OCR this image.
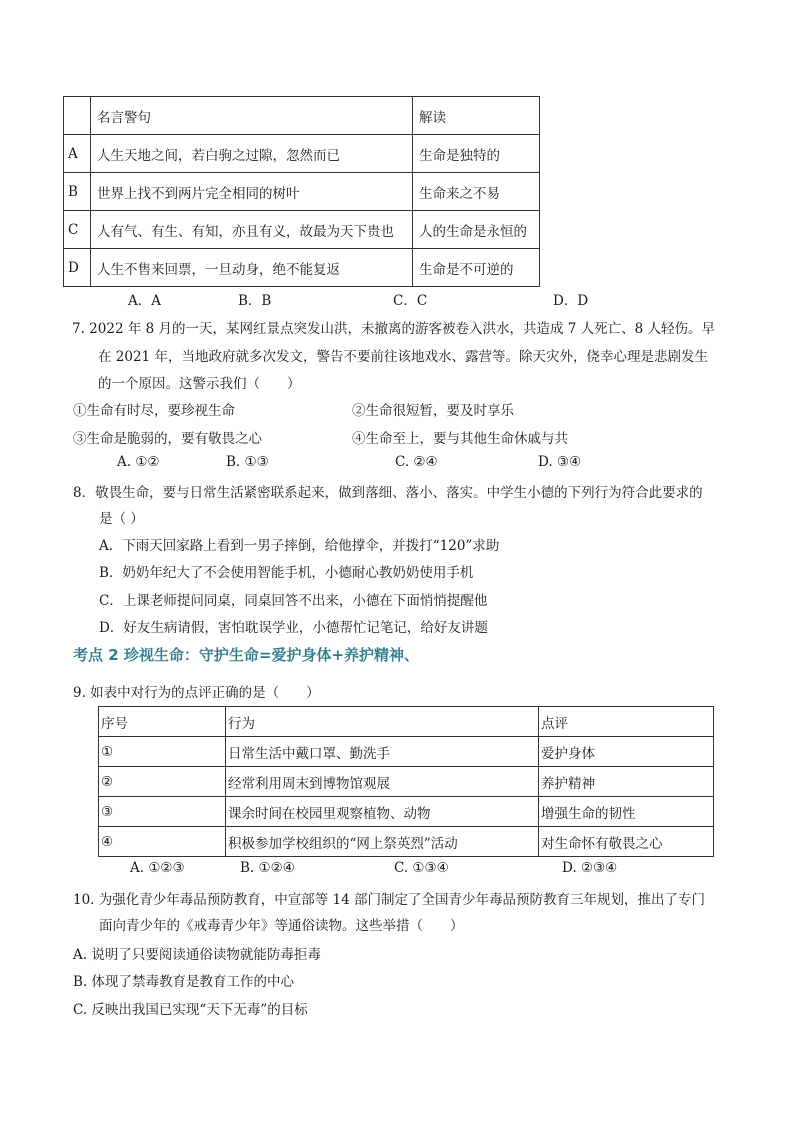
	名言警句	解读
A	人生天地之间，若白驹之过隙，忽然而已	生命是独特的
B	世界上找不到两片完全相同的树叶	生命来之不易
C	人有气、有生、有知，亦且有义，故最为天下贵也	人的生命是永恒的
D	人生不售来回票，一旦动身，绝不能复返	生命是不可逆的
A．A	B．B	C．C	D．D
7. 2022 年 8 月的一天，某网红景点突发山洪，未撤离的游客被卷入洪水，共造成 7 人死亡、8 人轻伤。早
在 2021 年，当地政府就多次发文，警告不要前往该地戏水、露营等。除天灾外，侥幸心理是悲剧发生
的一个原因。这警示我们（　　）
①生命有时尽，要珍视生命	②生命很短暂，要及时享乐
③生命是脆弱的，要有敬畏之心	④生命至上，要与其他生命休戚与共
A. ①②	B. ①③	C. ②④	D. ③④
8．敬畏生命，要与日常生活紧密联系起来，做到落细、落小、落实。中学生小德的下列行为符合此要求的
是（ ）
A．下雨天回家路上看到一男子摔倒，给他撑伞，并拨打“120”求助
B．奶奶年纪大了不会使用智能手机，小德耐心教奶奶使用手机
C．上课老师提问同桌，同桌回答不出来，小德在下面悄悄提醒他
D．好友生病请假，害怕耽误学业，小德帮忙记笔记，给好友讲题
考点 2 珍视生命：守护生命=爱护身体+养护精神、
9. 如表中对行为的点评正确的是（　　）
序号	行为	点评
①	日常生活中戴口罩、勤洗手	爱护身体
②	经常利用周末到博物馆观展	养护精神
③	课余时间在校园里观察植物、动物	增强生命的韧性
④	积极参加学校组织的“网上祭英烈”活动	对生命怀有敬畏之心
A. ①②③	B. ①②④	C. ①③④	D. ②③④
10. 为强化青少年毒品预防教育，中宣部等 14 部门制定了全国青少年毒品预防教育三年规划，推出了专门
面向青少年的《戒毒青少年》等通俗读物。这些举措（　　）
A. 说明了只要阅读通俗读物就能防毒拒毒
B. 体现了禁毒教育是教育工作的中心
C. 反映出我国已实现“天下无毒”的目标
